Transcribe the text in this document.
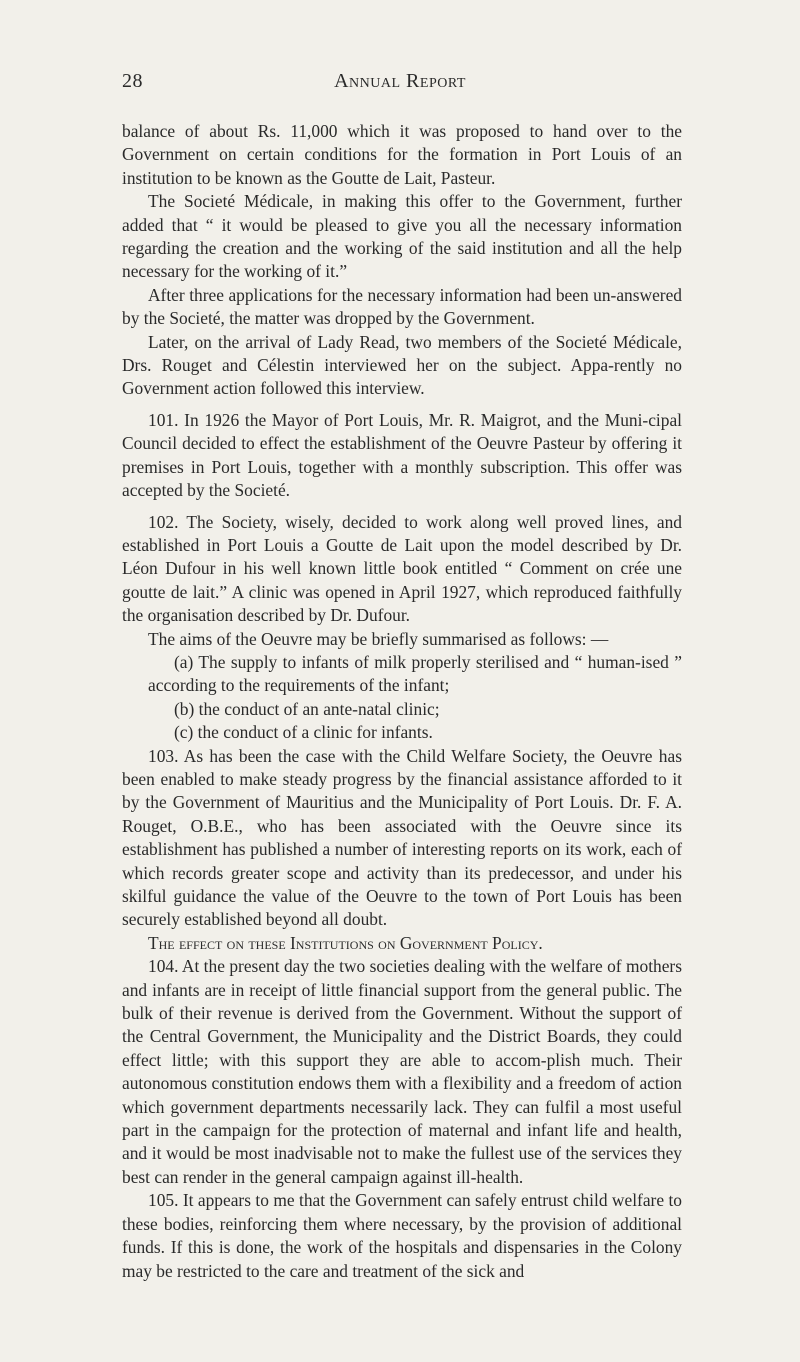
28	Annual Report

balance of about Rs. 11,000 which it was proposed to hand over to the Government on certain conditions for the formation in Port Louis of an institution to be known as the Goutte de Lait, Pasteur.

The Societé Médicale, in making this offer to the Government, further added that “ it would be pleased to give you all the necessary information regarding the creation and the working of the said institution and all the help necessary for the working of it.”

After three applications for the necessary information had been un-answered by the Societé, the matter was dropped by the Government.

Later, on the arrival of Lady Read, two members of the Societé Médicale, Drs. Rouget and Célestin interviewed her on the subject. Appa-rently no Government action followed this interview.

101. In 1926 the Mayor of Port Louis, Mr. R. Maigrot, and the Muni-cipal Council decided to effect the establishment of the Oeuvre Pasteur by offering it premises in Port Louis, together with a monthly subscription. This offer was accepted by the Societé.

102. The Society, wisely, decided to work along well proved lines, and established in Port Louis a Goutte de Lait upon the model described by Dr. Léon Dufour in his well known little book entitled “ Comment on crée une goutte de lait.” A clinic was opened in April 1927, which reproduced faithfully the organisation described by Dr. Dufour.

The aims of the Oeuvre may be briefly summarised as follows: —

(a) The supply to infants of milk properly sterilised and “ human-ised ” according to the requirements of the infant;

(b) the conduct of an ante-natal clinic;

(c) the conduct of a clinic for infants.

103. As has been the case with the Child Welfare Society, the Oeuvre has been enabled to make steady progress by the financial assistance afforded to it by the Government of Mauritius and the Municipality of Port Louis. Dr. F. A. Rouget, O.B.E., who has been associated with the Oeuvre since its establishment has published a number of interesting reports on its work, each of which records greater scope and activity than its predecessor, and under his skilful guidance the value of the Oeuvre to the town of Port Louis has been securely established beyond all doubt.

The effect on these Institutions on Government Policy.

104. At the present day the two societies dealing with the welfare of mothers and infants are in receipt of little financial support from the general public. The bulk of their revenue is derived from the Government. Without the support of the Central Government, the Municipality and the District Boards, they could effect little; with this support they are able to accom-plish much. Their autonomous constitution endows them with a flexibility and a freedom of action which government departments necessarily lack. They can fulfil a most useful part in the campaign for the protection of maternal and infant life and health, and it would be most inadvisable not to make the fullest use of the services they best can render in the general campaign against ill-health.

105. It appears to me that the Government can safely entrust child welfare to these bodies, reinforcing them where necessary, by the provision of additional funds. If this is done, the work of the hospitals and dispensaries in the Colony may be restricted to the care and treatment of the sick and
